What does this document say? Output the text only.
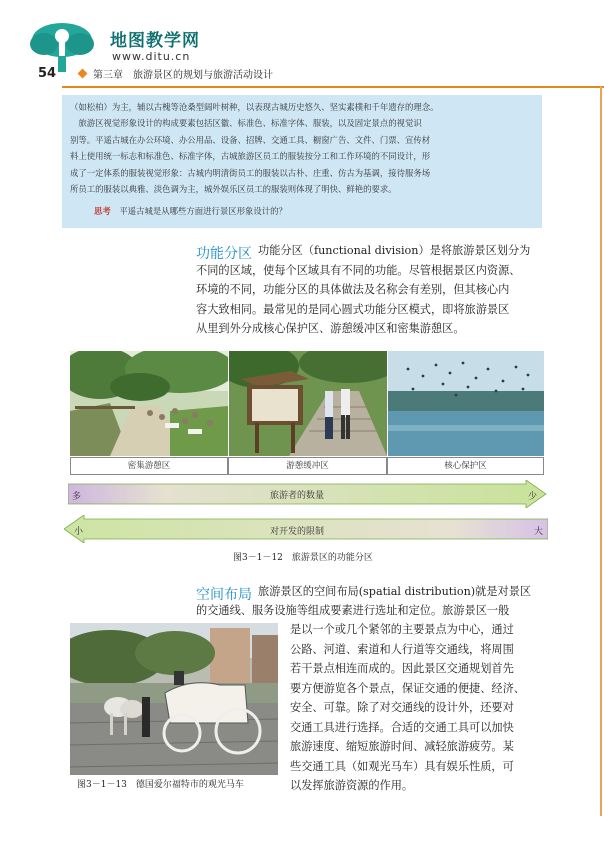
地图教学网
www.ditu.cn
54	第三章　旅游景区的规划与旅游活动设计
（如松柏）为主，辅以古槐等沧桑型阔叶树种，以表现古城历史悠久、坚实素樸和千年遗存的理念。
　旅游区视觉形象设计的构成要素包括区徽、标准色、标准字体、服装，以及固定景点的视觉识
别等。平遥古城在办公环境、办公用品、设备、招牌、交通工具、橱窗广告、文件、门票、宣传材
料上使用统一标志和标准色、标准字体，古城旅游区员工的服装按分工和工作环境的不同设计，形
成了一定体系的服装视觉形象：古城内明清街员工的服装以古朴、庄重、仿古为基调，接待服务场
所员工的服装以典雅、淡色调为主，城外娱乐区员工的服装则体现了明快、鲜艳的要求。
思考 平遥古城是从哪些方面进行景区形象设计的？
功能分区 功能分区（functional division）是将旅游景区划分为
不同的区域，使每个区域具有不同的功能。尽管根据景区内资源、
环境的不同，功能分区的具体做法及名称会有差别，但其核心内
容大致相同。最常见的是同心圆式功能分区模式，即将旅游景区
从里到外分成核心保护区、游憩缓冲区和密集游憩区。
密集游憩区	游憩缓冲区	核心保护区
多	旅游者的数量	少
小	对开发的限制	大
图3－1－12　旅游景区的功能分区
空间布局 旅游景区的空间布局(spatial distribution)就是对景区
的交通线、服务设施等组成要素进行选址和定位。旅游景区一般
是以一个或几个紧邻的主要景点为中心，通过
公路、河道、索道和人行道等交通线，将周围
若干景点相连而成的。因此景区交通规划首先
要方便游览各个景点，保证交通的便捷、经济、
安全、可靠。除了对交通线的设计外，还要对
交通工具进行选择。合适的交通工具可以加快
旅游速度、缩短旅游时间、减轻旅游疲劳。某
些交通工具（如观光马车）具有娱乐性质，可
以发挥旅游资源的作用。
图3－1－13　德国爱尔福特市的观光马车
